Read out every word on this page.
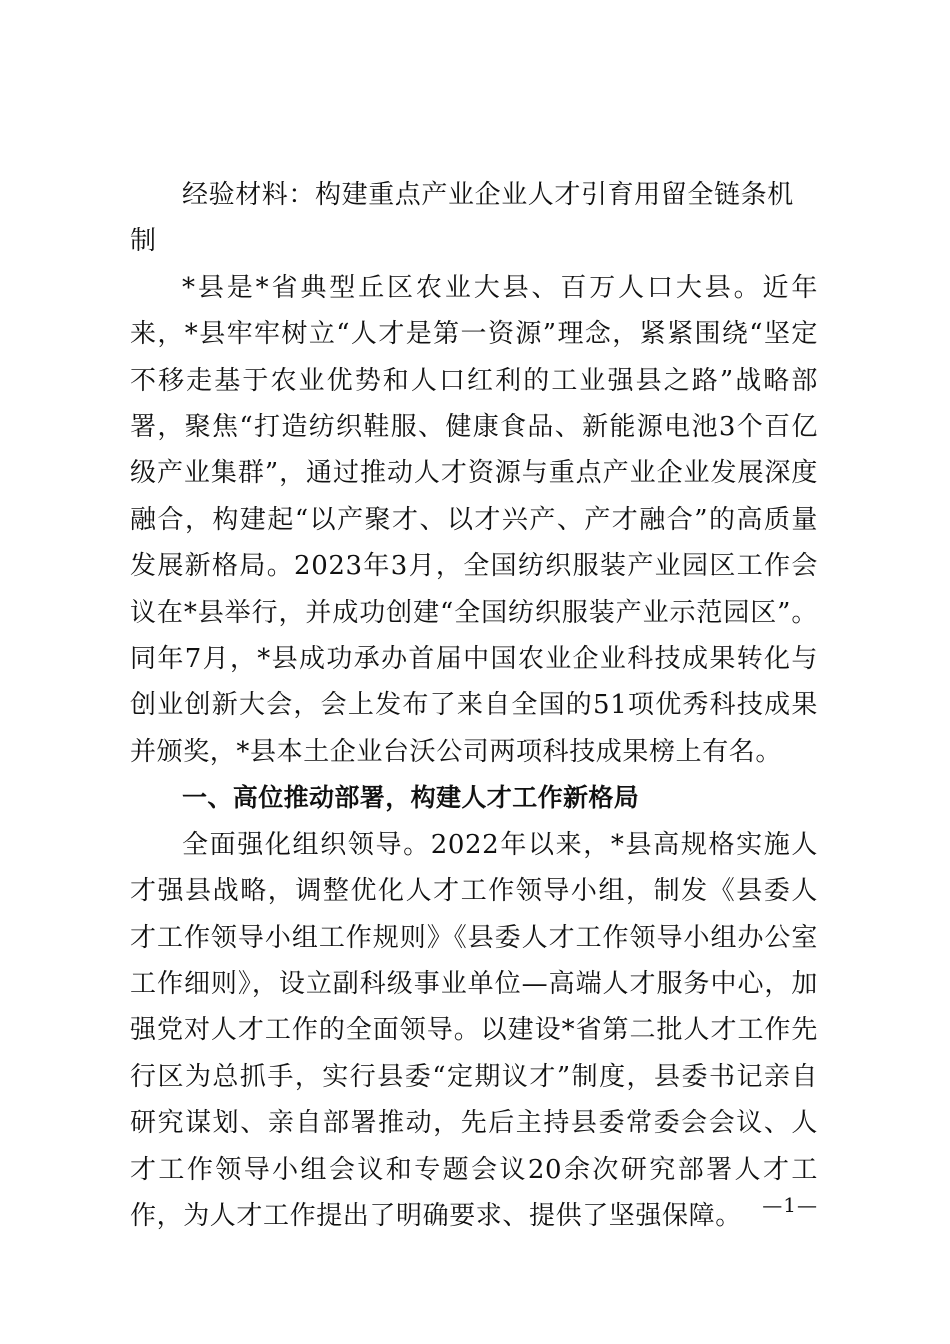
经验材料：构建重点产业企业人才引育用留全链条机制

*县是*省典型丘区农业大县、百万人口大县。近年来，*县牢牢树立“人才是第一资源”理念，紧紧围绕“坚定不移走基于农业优势和人口红利的工业强县之路”战略部署，聚焦“打造纺织鞋服、健康食品、新能源电池3个百亿级产业集群”，通过推动人才资源与重点产业企业发展深度融合，构建起“以产聚才、以才兴产、产才融合”的高质量发展新格局。2023年3月，全国纺织服装产业园区工作会议在*县举行，并成功创建“全国纺织服装产业示范园区”。同年7月，*县成功承办首届中国农业企业科技成果转化与创业创新大会，会上发布了来自全国的51项优秀科技成果并颁奖，*县本土企业台沃公司两项科技成果榜上有名。

一、高位推动部署，构建人才工作新格局

全面强化组织领导。2022年以来，*县高规格实施人才强县战略，调整优化人才工作领导小组，制发《县委人才工作领导小组工作规则》《县委人才工作领导小组办公室工作细则》，设立副科级事业单位—高端人才服务中心，加强党对人才工作的全面领导。以建设*省第二批人才工作先行区为总抓手，实行县委“定期议才”制度，县委书记亲自研究谋划、亲自部署推动，先后主持县委常委会会议、人才工作领导小组会议和专题会议20余次研究部署人才工作，为人才工作提出了明确要求、提供了坚强保障。	—1—
